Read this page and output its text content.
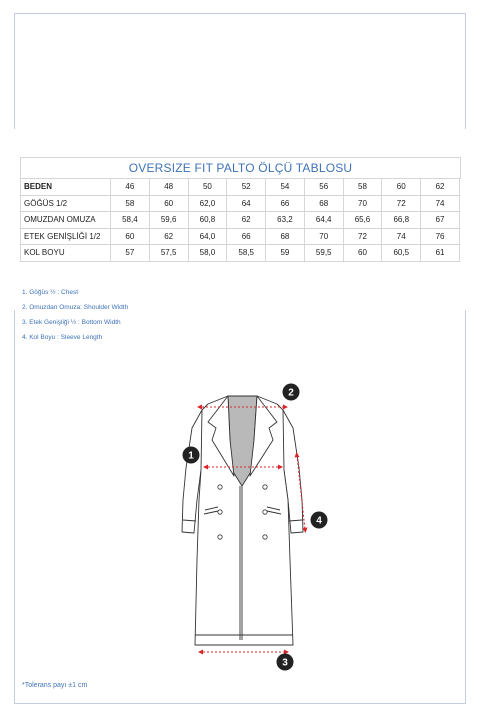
OVERSIZE FIT PALTO ÖLÇÜ TABLOSU
BEDEN	46	48	50	52	54	56	58	60	62
GÖĞÜS 1/2	58	60	62,0	64	66	68	70	72	74
OMUZDAN OMUZA	58,4	59,6	60,8	62	63,2	64,4	65,6	66,8	67
ETEK GENİŞLİĞİ 1/2	60	62	64,0	66	68	70	72	74	76
KOL BOYU	57	57,5	58,0	58,5	59	59,5	60	60,5	61
1. Göğüs ½ : Chest
2. Omuzdan Omuza: Shoulder Width
3. Etek Genişliği ½ : Bottom Width
4. Kol Boyu : Sleeve Length
1
2
3
4
*Tolerans payı ±1 cm
